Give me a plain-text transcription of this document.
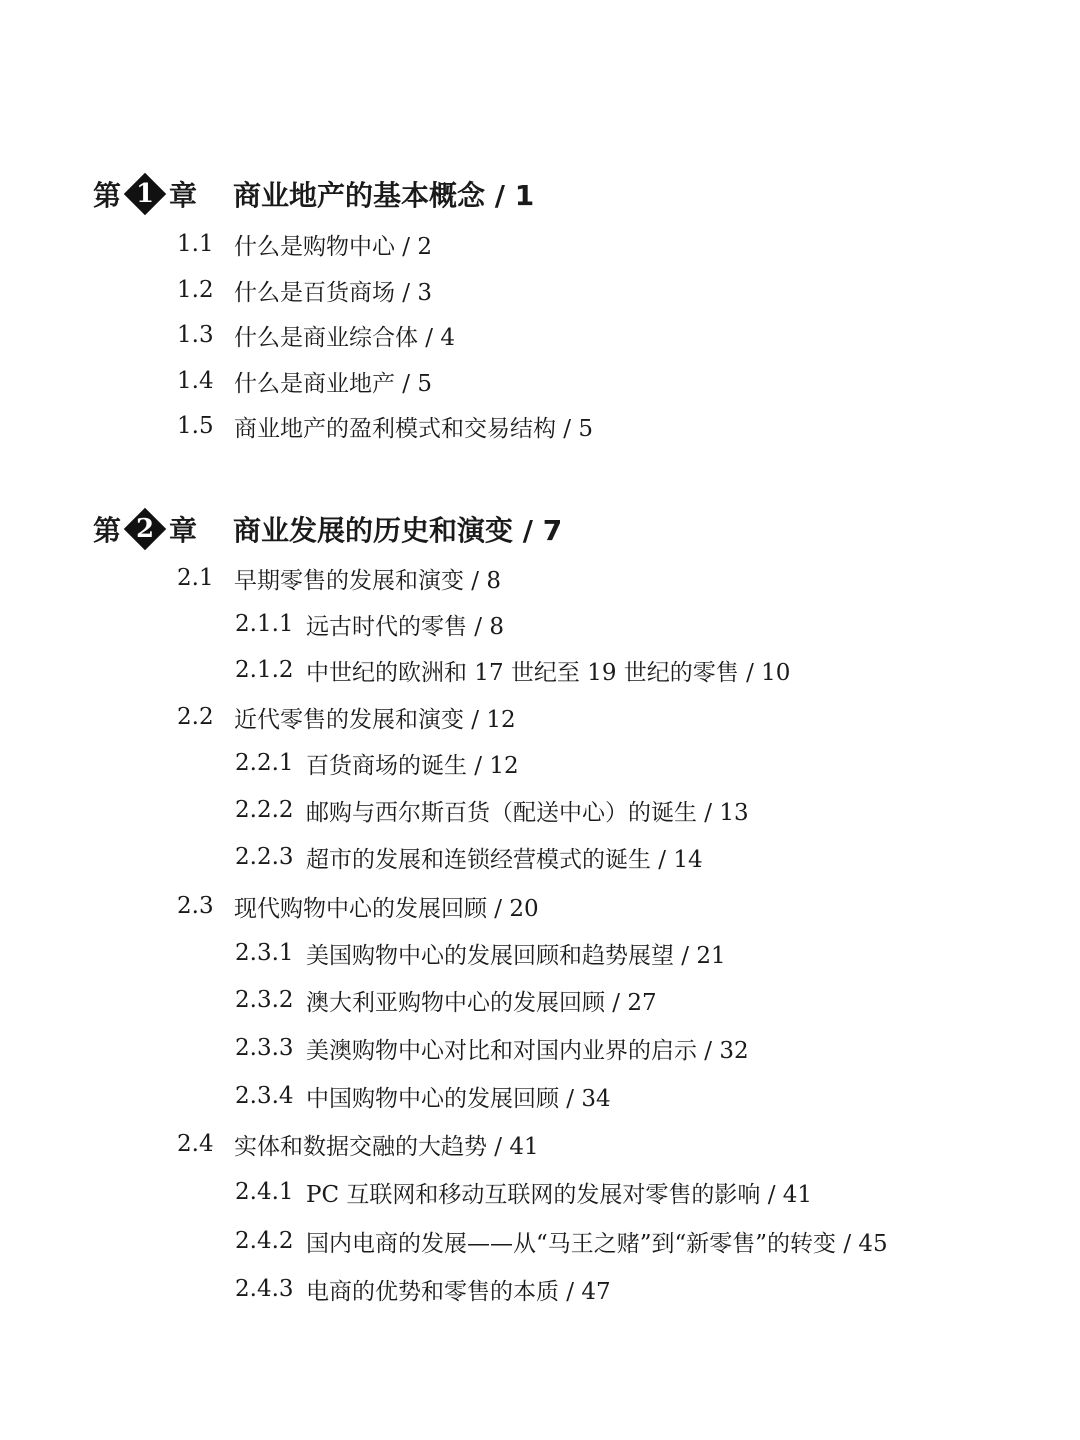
第 1 章 商业地产的基本概念 / 1
1.1 什么是购物中心 / 2
1.2 什么是百货商场 / 3
1.3 什么是商业综合体 / 4
1.4 什么是商业地产 / 5
1.5 商业地产的盈利模式和交易结构 / 5
第 2 章 商业发展的历史和演变 / 7
2.1 早期零售的发展和演变 / 8
2.1.1 远古时代的零售 / 8
2.1.2 中世纪的欧洲和 17 世纪至 19 世纪的零售 / 10
2.2 近代零售的发展和演变 / 12
2.2.1 百货商场的诞生 / 12
2.2.2 邮购与西尔斯百货（配送中心）的诞生 / 13
2.2.3 超市的发展和连锁经营模式的诞生 / 14
2.3 现代购物中心的发展回顾 / 20
2.3.1 美国购物中心的发展回顾和趋势展望 / 21
2.3.2 澳大利亚购物中心的发展回顾 / 27
2.3.3 美澳购物中心对比和对国内业界的启示 / 32
2.3.4 中国购物中心的发展回顾 / 34
2.4 实体和数据交融的大趋势 / 41
2.4.1 PC 互联网和移动互联网的发展对零售的影响 / 41
2.4.2 国内电商的发展——从“马王之赌”到“新零售”的转变 / 45
2.4.3 电商的优势和零售的本质 / 47
